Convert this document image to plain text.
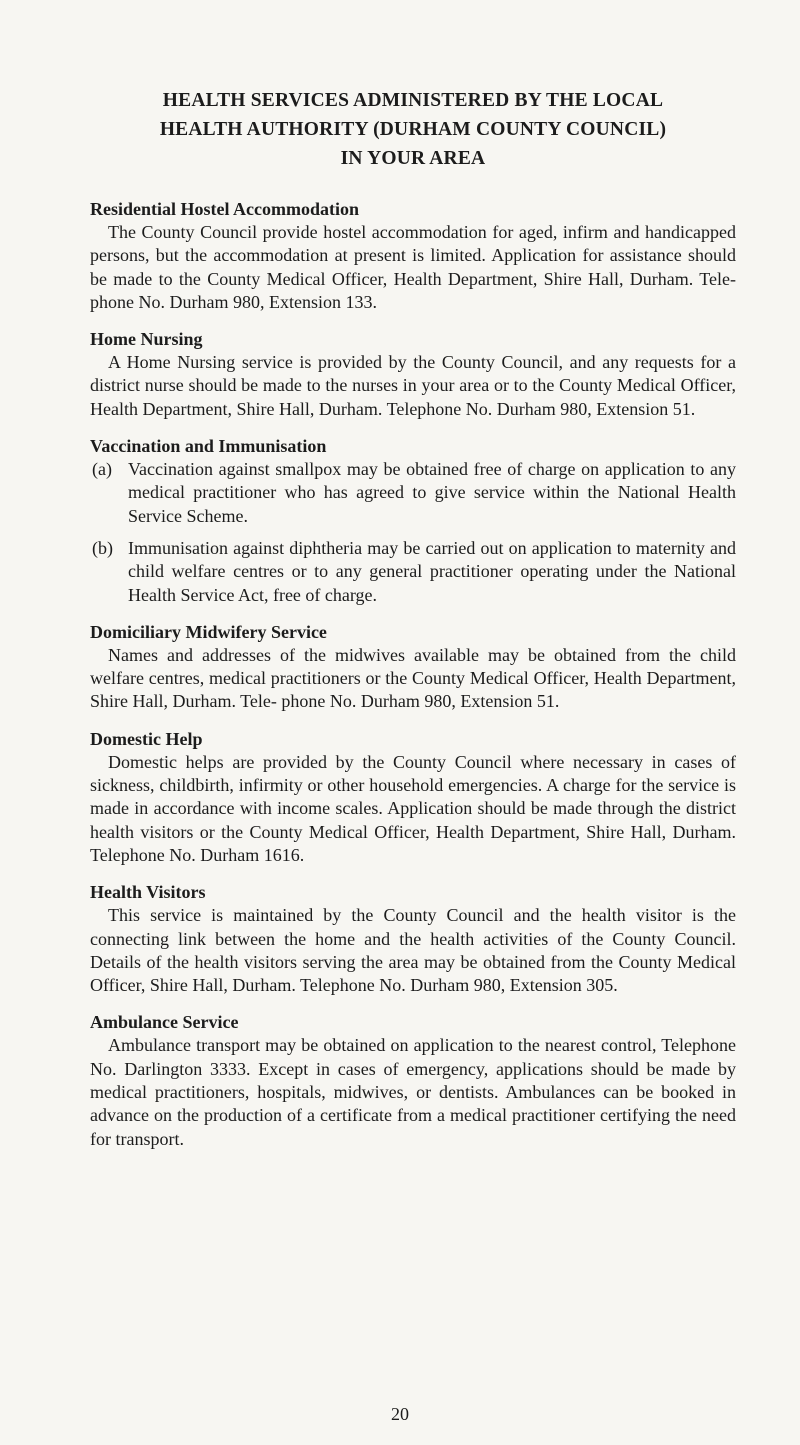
HEALTH SERVICES ADMINISTERED BY THE LOCAL
HEALTH AUTHORITY (DURHAM COUNTY COUNCIL)
IN YOUR AREA
Residential Hostel Accommodation

The County Council provide hostel accommodation for aged, infirm and handicapped persons, but the accommodation at present is limited. Application for assistance should be made to the County Medical Officer, Health Department, Shire Hall, Durham. Tele- phone No. Durham 980, Extension 133.

Home Nursing

A Home Nursing service is provided by the County Council, and any requests for a district nurse should be made to the nurses in your area or to the County Medical Officer, Health Department, Shire Hall, Durham. Telephone No. Durham 980, Extension 51.

Vaccination and Immunisation
(a) Vaccination against smallpox may be obtained free of charge on application to any medical practitioner who has agreed to give service within the National Health Service Scheme.
(b) Immunisation against diphtheria may be carried out on application to maternity and child welfare centres or to any general practitioner operating under the National Health Service Act, free of charge.
Domiciliary Midwifery Service

Names and addresses of the midwives available may be obtained from the child welfare centres, medical practitioners or the County Medical Officer, Health Department, Shire Hall, Durham. Tele- phone No. Durham 980, Extension 51.

Domestic Help

Domestic helps are provided by the County Council where necessary in cases of sickness, childbirth, infirmity or other household emergencies. A charge for the service is made in accordance with income scales. Application should be made through the district health visitors or the County Medical Officer, Health Department, Shire Hall, Durham. Telephone No. Durham 1616.

Health Visitors

This service is maintained by the County Council and the health visitor is the connecting link between the home and the health activities of the County Council. Details of the health visitors serving the area may be obtained from the County Medical Officer, Shire Hall, Durham. Telephone No. Durham 980, Extension 305.

Ambulance Service

Ambulance transport may be obtained on application to the nearest control, Telephone No. Darlington 3333. Except in cases of emergency, applications should be made by medical practitioners, hospitals, midwives, or dentists. Ambulances can be booked in advance on the production of a certificate from a medical practitioner certifying the need for transport.

20
